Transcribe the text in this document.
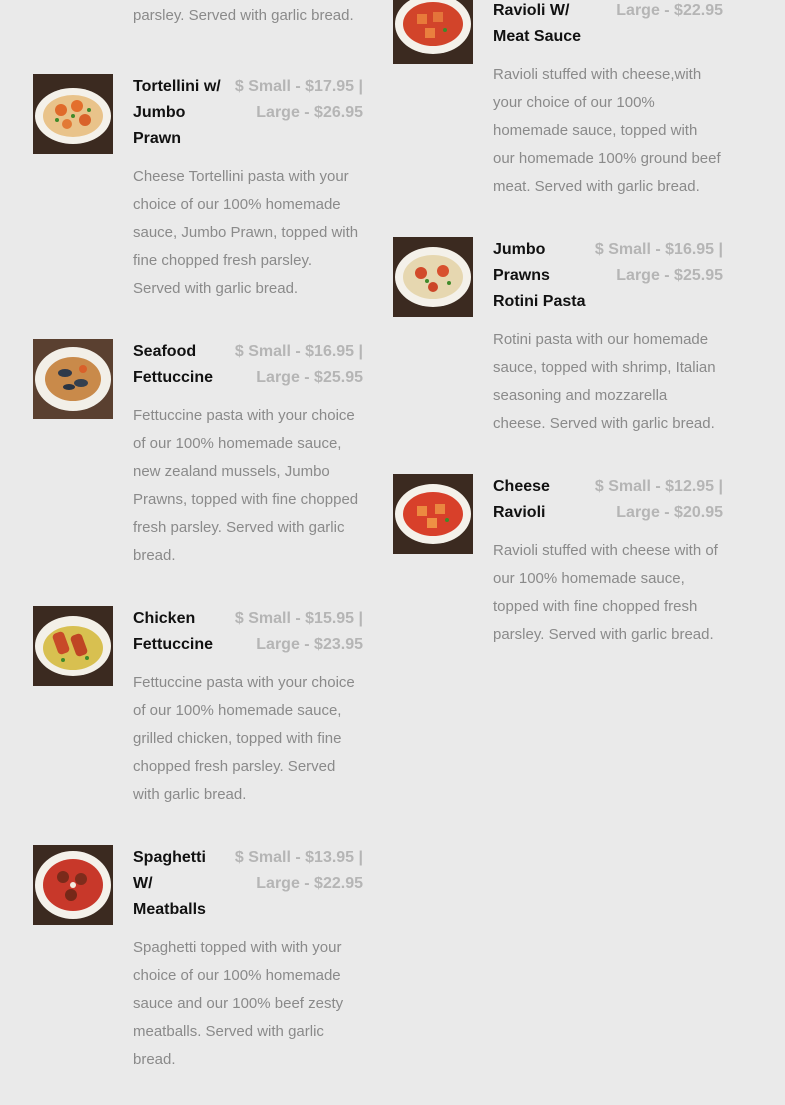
parsley. Served with garlic bread.
Tortellini w/ Jumbo Prawn
$ Small - $17.95 | Large - $26.95
Cheese Tortellini pasta with your choice of our 100% homemade sauce, Jumbo Prawn, topped with fine chopped fresh parsley. Served with garlic bread.
Seafood Fettuccine
$ Small - $16.95 | Large - $25.95
Fettuccine pasta with your choice of our 100% homemade sauce, new zealand mussels, Jumbo Prawns, topped with fine chopped fresh parsley. Served with garlic bread.
Chicken Fettuccine
$ Small - $15.95 | Large - $23.95
Fettuccine pasta with your choice of our 100% homemade sauce, grilled chicken, topped with fine chopped fresh parsley. Served with garlic bread.
Spaghetti W/ Meatballs
$ Small - $13.95 | Large - $22.95
Spaghetti topped with with your choice of our 100% homemade sauce and our 100% beef zesty meatballs. Served with garlic bread.
Ravioli W/ Meat Sauce
Large - $22.95
Ravioli stuffed with cheese,with your choice of our 100% homemade sauce, topped with our homemade 100% ground beef meat. Served with garlic bread.
Jumbo Prawns Rotini Pasta
$ Small - $16.95 | Large - $25.95
Rotini pasta with our homemade sauce, topped with shrimp, Italian seasoning and mozzarella cheese. Served with garlic bread.
Cheese Ravioli
$ Small - $12.95 | Large - $20.95
Ravioli stuffed with cheese with of our 100% homemade sauce, topped with fine chopped fresh parsley. Served with garlic bread.
